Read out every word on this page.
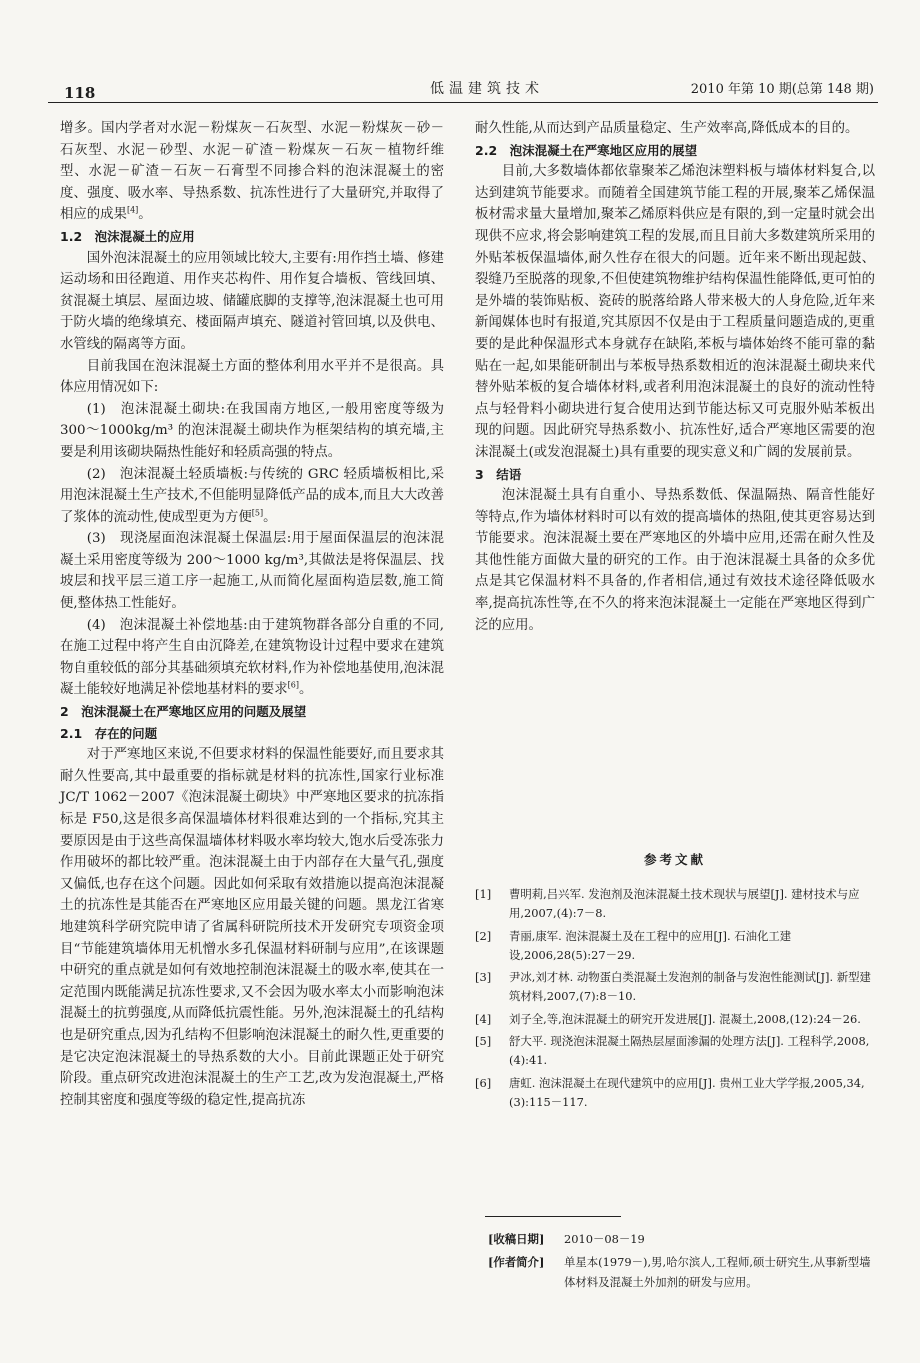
118	低温建筑技术	2010 年第 10 期(总第 148 期)

增多。国内学者对水泥－粉煤灰－石灰型、水泥－粉煤灰－砂－石灰型、水泥－砂型、水泥－矿渣－粉煤灰－石灰－植物纤维型、水泥－矿渣－石灰－石膏型不同掺合料的泡沫混凝土的密度、强度、吸水率、导热系数、抗冻性进行了大量研究,并取得了相应的成果[4]。

1.2　泡沫混凝土的应用

国外泡沫混凝土的应用领域比较大,主要有:用作挡土墙、修建运动场和田径跑道、用作夹芯构件、用作复合墙板、管线回填、贫混凝土填层、屋面边坡、储罐底脚的支撑等,泡沫混凝土也可用于防火墙的绝缘填充、楼面隔声填充、隧道衬管回填,以及供电、水管线的隔离等方面。

目前我国在泡沫混凝土方面的整体利用水平并不是很高。具体应用情况如下:

(1)　泡沫混凝土砌块:在我国南方地区,一般用密度等级为 300～1000kg/m³ 的泡沫混凝土砌块作为框架结构的填充墙,主要是利用该砌块隔热性能好和轻质高强的特点。

(2)　泡沫混凝土轻质墙板:与传统的 GRC 轻质墙板相比,采用泡沫混凝土生产技术,不但能明显降低产品的成本,而且大大改善了浆体的流动性,使成型更为方便[5]。

(3)　现浇屋面泡沫混凝土保温层:用于屋面保温层的泡沫混凝土采用密度等级为 200～1000 kg/m³,其做法是将保温层、找坡层和找平层三道工序一起施工,从而简化屋面构造层数,施工简便,整体热工性能好。

(4)　泡沫混凝土补偿地基:由于建筑物群各部分自重的不同,在施工过程中将产生自由沉降差,在建筑物设计过程中要求在建筑物自重较低的部分其基础须填充软材料,作为补偿地基使用,泡沫混凝土能较好地满足补偿地基材料的要求[6]。

2　泡沫混凝土在严寒地区应用的问题及展望
2.1　存在的问题

对于严寒地区来说,不但要求材料的保温性能要好,而且要求其耐久性要高,其中最重要的指标就是材料的抗冻性,国家行业标准 JC/T 1062－2007《泡沫混凝土砌块》中严寒地区要求的抗冻指标是 F50,这是很多高保温墙体材料很难达到的一个指标,究其主要原因是由于这些高保温墙体材料吸水率均较大,饱水后受冻张力作用破坏的都比较严重。泡沫混凝土由于内部存在大量气孔,强度又偏低,也存在这个问题。因此如何采取有效措施以提高泡沫混凝土的抗冻性是其能否在严寒地区应用最关键的问题。黑龙江省寒地建筑科学研究院申请了省属科研院所技术开发研究专项资金项目“节能建筑墙体用无机憎水多孔保温材料研制与应用”,在该课题中研究的重点就是如何有效地控制泡沫混凝土的吸水率,使其在一定范围内既能满足抗冻性要求,又不会因为吸水率太小而影响泡沫混凝土的抗剪强度,从而降低抗震性能。另外,泡沫混凝土的孔结构也是研究重点,因为孔结构不但影响泡沫混凝土的耐久性,更重要的是它决定泡沫混凝土的导热系数的大小。目前此课题正处于研究阶段。重点研究改进泡沫混凝土的生产工艺,改为发泡混凝土,严格控制其密度和强度等级的稳定性,提高抗冻

耐久性能,从而达到产品质量稳定、生产效率高,降低成本的目的。

2.2　泡沫混凝土在严寒地区应用的展望

目前,大多数墙体都依靠聚苯乙烯泡沫塑料板与墙体材料复合,以达到建筑节能要求。而随着全国建筑节能工程的开展,聚苯乙烯保温板材需求量大量增加,聚苯乙烯原料供应是有限的,到一定量时就会出现供不应求,将会影响建筑工程的发展,而且目前大多数建筑所采用的外贴苯板保温墙体,耐久性存在很大的问题。近年来不断出现起鼓、裂缝乃至脱落的现象,不但使建筑物维护结构保温性能降低,更可怕的是外墙的装饰贴板、瓷砖的脱落给路人带来极大的人身危险,近年来新闻媒体也时有报道,究其原因不仅是由于工程质量问题造成的,更重要的是此种保温形式本身就存在缺陷,苯板与墙体始终不能可靠的黏贴在一起,如果能研制出与苯板导热系数相近的泡沫混凝土砌块来代替外贴苯板的复合墙体材料,或者利用泡沫混凝土的良好的流动性特点与轻骨料小砌块进行复合使用达到节能达标又可克服外贴苯板出现的问题。因此研究导热系数小、抗冻性好,适合严寒地区需要的泡沫混凝土(或发泡混凝土)具有重要的现实意义和广阔的发展前景。

3　结语

泡沫混凝土具有自重小、导热系数低、保温隔热、隔音性能好等特点,作为墙体材料时可以有效的提高墙体的热阻,使其更容易达到节能要求。泡沫混凝土要在严寒地区的外墙中应用,还需在耐久性及其他性能方面做大量的研究的工作。由于泡沫混凝土具备的众多优点是其它保温材料不具备的,作者相信,通过有效技术途径降低吸水率,提高抗冻性等,在不久的将来泡沫混凝土一定能在严寒地区得到广泛的应用。

参考文献
[1]	曹明莉,吕兴军. 发泡剂及泡沫混凝土技术现状与展望[J]. 建材技术与应用,2007,(4):7－8.
[2]	青丽,康军. 泡沫混凝土及在工程中的应用[J]. 石油化工建设,2006,28(5):27－29.
[3]	尹冰,刘才林. 动物蛋白类混凝土发泡剂的制备与发泡性能测试[J]. 新型建筑材料,2007,(7):8－10.
[4]	刘子全,等,泡沫混凝土的研究开发进展[J]. 混凝土,2008,(12):24－26.
[5]	舒大平. 现浇泡沫混凝土隔热层屋面渗漏的处理方法[J]. 工程科学,2008,(4):41.
[6]	唐虹. 泡沫混凝土在现代建筑中的应用[J]. 贵州工业大学学报,2005,34,(3):115－117.
[收稿日期]	2010－08－19
[作者简介]	单星本(1979－),男,哈尔滨人,工程师,硕士研究生,从事新型墙体材料及混凝土外加剂的研发与应用。
